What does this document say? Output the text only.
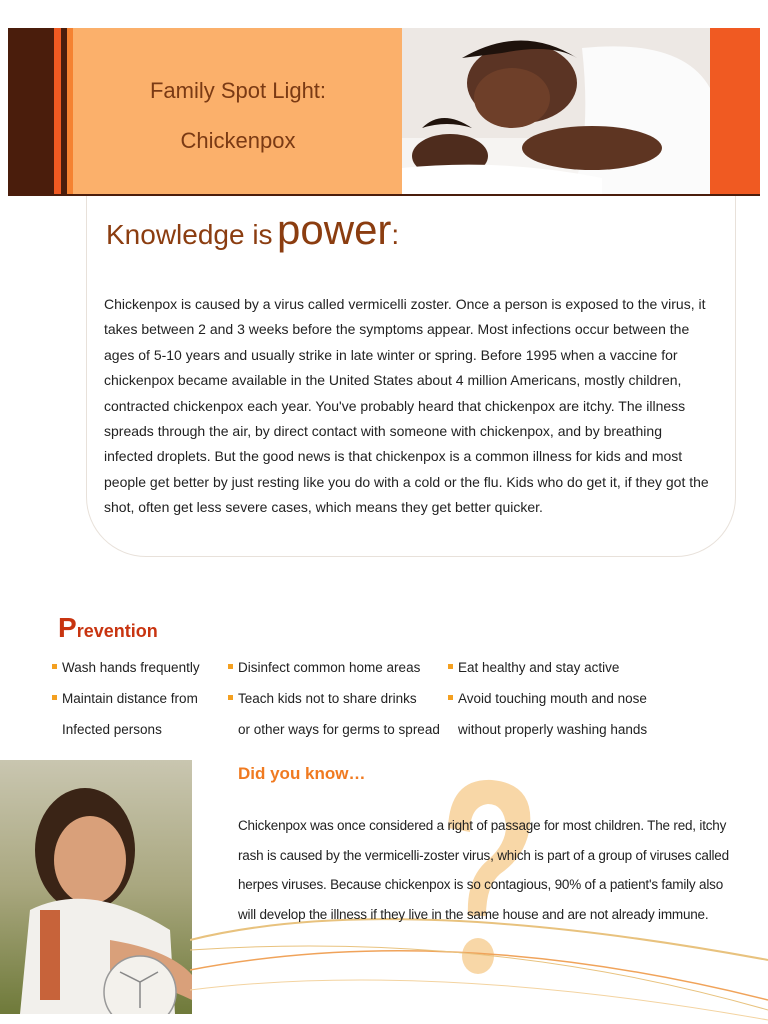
Family Spot Light:
Chickenpox
Knowledge is power:
Chickenpox is caused by a virus called vermicelli zoster. Once a person is exposed to the virus, it takes between 2 and 3 weeks before the symptoms appear. Most infections occur between the ages of 5-10 years and usually strike in late winter or spring. Before 1995 when a vaccine for chickenpox became available in the United States about 4 million Americans, mostly children, contracted chickenpox each year. You've probably heard that chickenpox are itchy. The illness spreads through the air, by direct contact with someone with chickenpox, and by breathing infected droplets. But the good news is that chickenpox is a common illness for kids and most people get better by just resting like you do with a cold or the flu. Kids who do get it, if they got the shot, often get less severe cases, which means they get better quicker.
Prevention
Wash hands frequently
Maintain distance from
Infected persons
Disinfect common home areas
Teach kids not to share drinks
or other ways for germs to spread
Eat healthy and stay active
Avoid touching mouth and nose
without properly washing hands
Did you know…
Chickenpox was once considered a right of passage for most children. The red, itchy rash is caused by the vermicelli-zoster virus, which is part of a group of viruses called herpes viruses. Because chickenpox is so contagious, 90% of a patient's family also will develop the illness if they live in the same house and are not already immune.
